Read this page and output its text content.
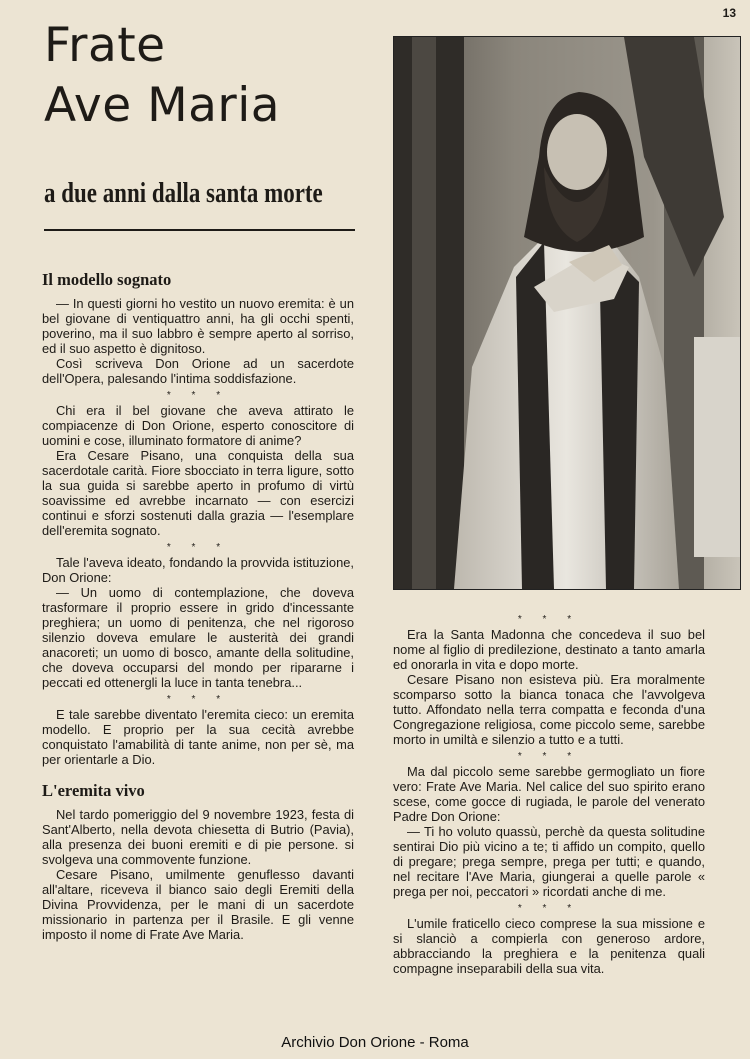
13
Frate
Ave Maria
a due anni dalla santa morte
Il modello sognato

— In questi giorni ho vestito un nuovo eremita: è un bel giovane di ventiquattro anni, ha gli occhi spenti, poverino, ma il suo labbro è sempre aperto al sorriso, ed il suo aspetto è dignitoso.

Così scriveva Don Orione ad un sacerdote dell'Opera, palesando l'intima soddisfazione.

* * *

Chi era il bel giovane che aveva attirato le compiacenze di Don Orione, esperto conoscitore di uomini e cose, illuminato formatore di anime?

Era Cesare Pisano, una conquista della sua sacerdotale carità. Fiore sbocciato in terra ligure, sotto la sua guida si sarebbe aperto in profumo di virtù soavissime ed avrebbe incarnato — con esercizi continui e sforzi sostenuti dalla grazia — l'esemplare dell'eremita sognato.

* * *

Tale l'aveva ideato, fondando la provvida istituzione, Don Orione:

— Un uomo di contemplazione, che doveva trasformare il proprio essere in grido d'incessante preghiera; un uomo di penitenza, che nel rigoroso silenzio doveva emulare le austerità dei grandi anacoreti; un uomo di bosco, amante della solitudine, che doveva occuparsi del mondo per ripararne i peccati ed ottenergli la luce in tanta tenebra...

* * *

E tale sarebbe diventato l'eremita cieco: un eremita modello. E proprio per la sua cecità avrebbe conquistato l'amabilità di tante anime, non per sè, ma per orientarle a Dio.

L'eremita vivo

Nel tardo pomeriggio del 9 novembre 1923, festa di Sant'Alberto, nella devota chiesetta di Butrio (Pavia), alla presenza dei buoni eremiti e di pie persone. si svolgeva una commovente funzione.

Cesare Pisano, umilmente genuflesso davanti all'altare, riceveva il bianco saio degli Eremiti della Divina Provvidenza, per le mani di un sacerdote missionario in partenza per il Brasile. E gli venne imposto il nome di Frate Ave Maria.

* * *

Era la Santa Madonna che concedeva il suo bel nome al figlio di predilezione, destinato a tanto amarla ed onorarla in vita e dopo morte.

Cesare Pisano non esisteva più. Era moralmente scomparso sotto la bianca tonaca che l'avvolgeva tutto. Affondato nella terra compatta e feconda d'una Congregazione religiosa, come piccolo seme, sarebbe morto in umiltà e silenzio a tutto e a tutti.

* * *

Ma dal piccolo seme sarebbe germogliato un fiore vero: Frate Ave Maria. Nel calice del suo spirito erano scese, come gocce di rugiada, le parole del venerato Padre Don Orione:

— Ti ho voluto quassù, perchè da questa solitudine sentirai Dio più vicino a te; ti affido un compito, quello di pregare; prega sempre, prega per tutti; e quando, nel recitare l'Ave Maria, giungerai a quelle parole « prega per noi, peccatori » ricordati anche di me.

* * *

L'umile fraticello cieco comprese la sua missione e si slanciò a compierla con generoso ardore, abbracciando la preghiera e la penitenza quali compagne inseparabili della sua vita.

Archivio Don Orione - Roma
